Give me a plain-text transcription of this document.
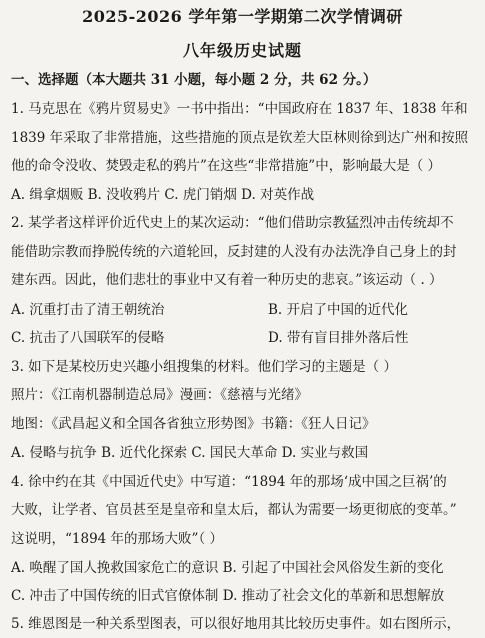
2025-2026 学年第一学期第二次学情调研
八年级历史试题
一、选择题（本大题共 31 小题，每小题 2 分，共 62 分。）
1. 马克思在《鸦片贸易史》一书中指出：“中国政府在 1837 年、1838 年和
1839 年采取了非常措施，这些措施的顶点是钦差大臣林则徐到达广州和按照
他的命令没收、焚毁走私的鸦片”在这些“非常措施”中，影响最大是（ ）
A. 缉拿烟贩 B. 没收鸦片 C. 虎门销烟 D. 对英作战
2. 某学者这样评价近代史上的某次运动：“他们借助宗教猛烈冲击传统却不
能借助宗教而挣脱传统的六道轮回，反封建的人没有办法洗净自己身上的封
建东西。因此，他们悲壮的事业中又有着一种历史的悲哀。”该运动（ . ）
A. 沉重打击了清王朝统治	B. 开启了中国的近代化
C. 抗击了八国联军的侵略	D. 带有盲目排外落后性
3. 如下是某校历史兴趣小组搜集的材料。他们学习的主题是（ ）
照片：《江南机器制造总局》漫画：《慈禧与光绪》
地图：《武昌起义和全国各省独立形势图》书籍：《狂人日记》
A. 侵略与抗争 B. 近代化探索 C. 国民大革命 D. 实业与救国
4. 徐中约在其《中国近代史》中写道：“1894 年的那场‘成中国之巨祸’的
大败，让学者、官员甚至是皇帝和皇太后，都认为需要一场更彻底的变革。”
这说明，“1894 年的那场大败”（ ）
A. 唤醒了国人挽救国家危亡的意识 B. 引起了中国社会风俗发生新的变化
C. 冲击了中国传统的旧式官僚体制 D. 推动了社会文化的革新和思想解放
5. 维恩图是一种关系型图表，可以很好地用其比较历史事件。如右图所示，
